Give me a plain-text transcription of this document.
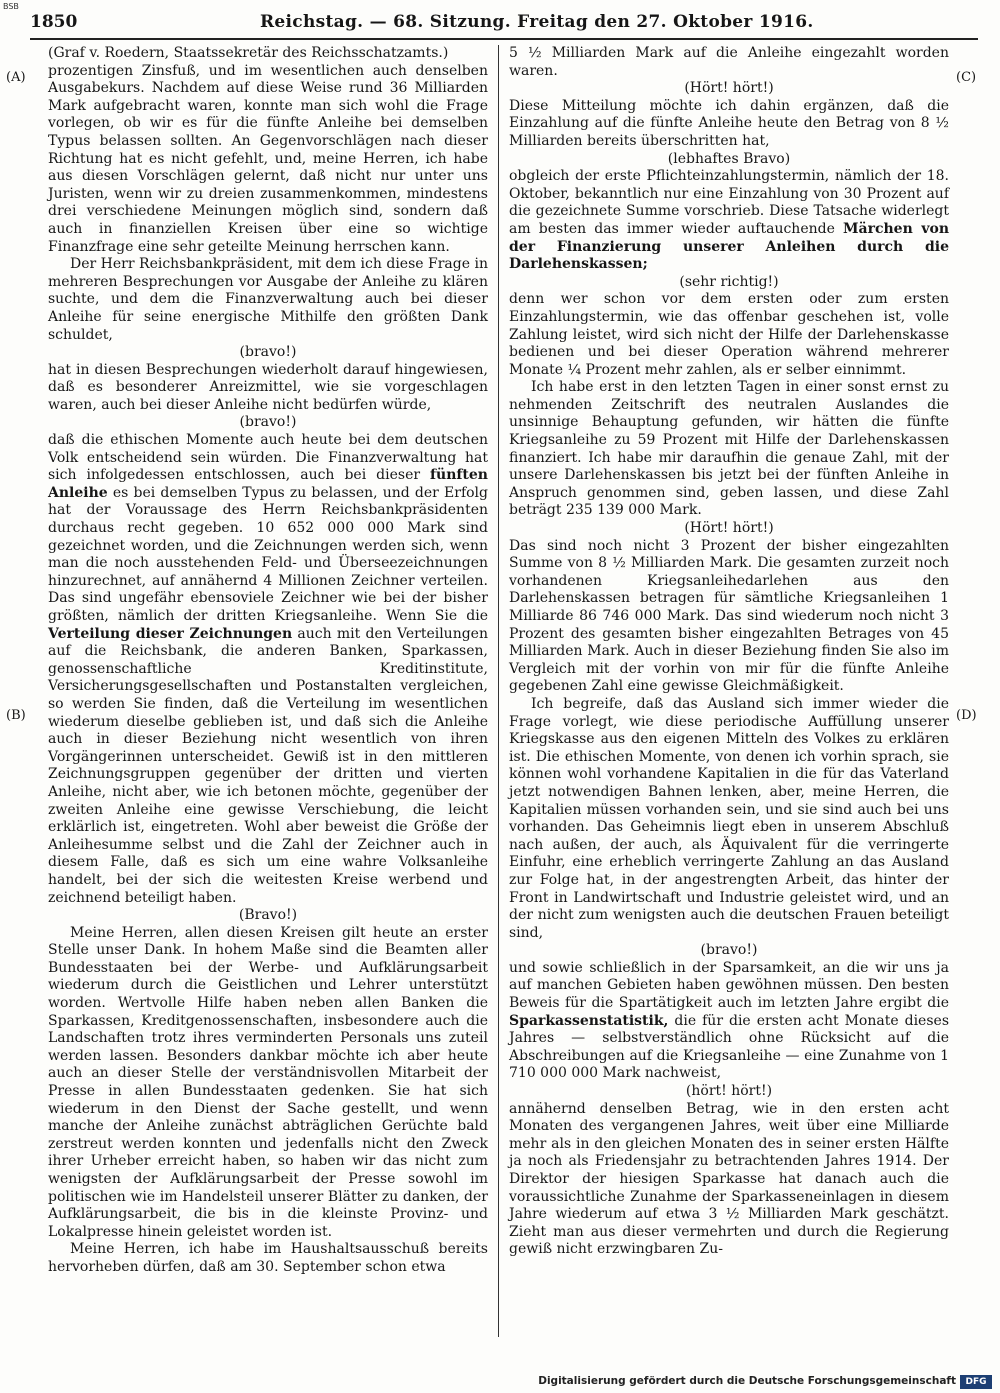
BSB
1850	Reichstag. — 68. Sitzung. Freitag den 27. Oktober 1916.
(A)
(B)
(C)
(D)

(Graf v. Roedern, Staatssekretär des Reichsschatzamts.)

prozentigen Zinsfuß, und im wesentlichen auch denselben Ausgabekurs. Nachdem auf diese Weise rund 36 Milliarden Mark aufgebracht waren, konnte man sich wohl die Frage vorlegen, ob wir es für die fünfte Anleihe bei demselben Typus belassen sollten. An Gegenvorschlägen nach dieser Richtung hat es nicht gefehlt, und, meine Herren, ich habe aus diesen Vorschlägen gelernt, daß nicht nur unter uns Juristen, wenn wir zu dreien zusammenkommen, mindestens drei verschiedene Meinungen möglich sind, sondern daß auch in finanziellen Kreisen über eine so wichtige Finanzfrage eine sehr geteilte Meinung herrschen kann.

Der Herr Reichsbankpräsident, mit dem ich diese Frage in mehreren Besprechungen vor Ausgabe der Anleihe zu klären suchte, und dem die Finanzverwaltung auch bei dieser Anleihe für seine energische Mithilfe den größten Dank schuldet,

(bravo!)

hat in diesen Besprechungen wiederholt darauf hingewiesen, daß es besonderer Anreizmittel, wie sie vorgeschlagen waren, auch bei dieser Anleihe nicht bedürfen würde,

(bravo!)

daß die ethischen Momente auch heute bei dem deutschen Volk entscheidend sein würden. Die Finanzverwaltung hat sich infolgedessen entschlossen, auch bei dieser fünften Anleihe es bei demselben Typus zu belassen, und der Erfolg hat der Voraussage des Herrn Reichsbankpräsidenten durchaus recht gegeben. 10 652 000 000 Mark sind gezeichnet worden, und die Zeichnungen werden sich, wenn man die noch ausstehenden Feld- und Überseezeichnungen hinzurechnet, auf annähernd 4 Millionen Zeichner verteilen. Das sind ungefähr ebensoviele Zeichner wie bei der bisher größten, nämlich der dritten Kriegsanleihe. Wenn Sie die Verteilung dieser Zeichnungen auch mit den Verteilungen auf die Reichsbank, die anderen Banken, Sparkassen, genossenschaftliche Kreditinstitute, Versicherungsgesellschaften und Postanstalten vergleichen, so werden Sie finden, daß die Verteilung im wesentlichen wiederum dieselbe geblieben ist, und daß sich die Anleihe auch in dieser Beziehung nicht wesentlich von ihren Vorgängerinnen unterscheidet. Gewiß ist in den mittleren Zeichnungsgruppen gegenüber der dritten und vierten Anleihe, nicht aber, wie ich betonen möchte, gegenüber der zweiten Anleihe eine gewisse Verschiebung, die leicht erklärlich ist, eingetreten. Wohl aber beweist die Größe der Anleihesumme selbst und die Zahl der Zeichner auch in diesem Falle, daß es sich um eine wahre Volksanleihe handelt, bei der sich die weitesten Kreise werbend und zeichnend beteiligt haben.

(Bravo!)

Meine Herren, allen diesen Kreisen gilt heute an erster Stelle unser Dank. In hohem Maße sind die Beamten aller Bundesstaaten bei der Werbe- und Aufklärungsarbeit wiederum durch die Geistlichen und Lehrer unterstützt worden. Wertvolle Hilfe haben neben allen Banken die Sparkassen, Kreditgenossenschaften, insbesondere auch die Landschaften trotz ihres verminderten Personals uns zuteil werden lassen. Besonders dankbar möchte ich aber heute auch an dieser Stelle der verständnisvollen Mitarbeit der Presse in allen Bundesstaaten gedenken. Sie hat sich wiederum in den Dienst der Sache gestellt, und wenn manche der Anleihe zunächst abträglichen Gerüchte bald zerstreut werden konnten und jedenfalls nicht den Zweck ihrer Urheber erreicht haben, so haben wir das nicht zum wenigsten der Aufklärungsarbeit der Presse sowohl im politischen wie im Handelsteil unserer Blätter zu danken, der Aufklärungsarbeit, die bis in die kleinste Provinz- und Lokalpresse hinein geleistet worden ist.

Meine Herren, ich habe im Haushaltsausschuß bereits hervorheben dürfen, daß am 30. September schon etwa

5 ½ Milliarden Mark auf die Anleihe eingezahlt worden waren.

(Hört! hört!)

Diese Mitteilung möchte ich dahin ergänzen, daß die Einzahlung auf die fünfte Anleihe heute den Betrag von 8 ½ Milliarden bereits überschritten hat,

(lebhaftes Bravo)

obgleich der erste Pflichteinzahlungstermin, nämlich der 18. Oktober, bekanntlich nur eine Einzahlung von 30 Prozent auf die gezeichnete Summe vorschrieb. Diese Tatsache widerlegt am besten das immer wieder auftauchende Märchen von der Finanzierung unserer Anleihen durch die Darlehenskassen;

(sehr richtig!)

denn wer schon vor dem ersten oder zum ersten Einzahlungstermin, wie das offenbar geschehen ist, volle Zahlung leistet, wird sich nicht der Hilfe der Darlehenskasse bedienen und bei dieser Operation während mehrerer Monate ¼ Prozent mehr zahlen, als er selber einnimmt.

Ich habe erst in den letzten Tagen in einer sonst ernst zu nehmenden Zeitschrift des neutralen Auslandes die unsinnige Behauptung gefunden, wir hätten die fünfte Kriegsanleihe zu 59 Prozent mit Hilfe der Darlehenskassen finanziert. Ich habe mir daraufhin die genaue Zahl, mit der unsere Darlehenskassen bis jetzt bei der fünften Anleihe in Anspruch genommen sind, geben lassen, und diese Zahl beträgt 235 139 000 Mark.

(Hört! hört!)

Das sind noch nicht 3 Prozent der bisher eingezahlten Summe von 8 ½ Milliarden Mark. Die gesamten zurzeit noch vorhandenen Kriegsanleihedarlehen aus den Darlehenskassen betragen für sämtliche Kriegsanleihen 1 Milliarde 86 746 000 Mark. Das sind wiederum noch nicht 3 Prozent des gesamten bisher eingezahlten Betrages von 45 Milliarden Mark. Auch in dieser Beziehung finden Sie also im Vergleich mit der vorhin von mir für die fünfte Anleihe gegebenen Zahl eine gewisse Gleichmäßigkeit.

Ich begreife, daß das Ausland sich immer wieder die Frage vorlegt, wie diese periodische Auffüllung unserer Kriegskasse aus den eigenen Mitteln des Volkes zu erklären ist. Die ethischen Momente, von denen ich vorhin sprach, sie können wohl vorhandene Kapitalien in die für das Vaterland jetzt notwendigen Bahnen lenken, aber, meine Herren, die Kapitalien müssen vorhanden sein, und sie sind auch bei uns vorhanden. Das Geheimnis liegt eben in unserem Abschluß nach außen, der auch, als Äquivalent für die verringerte Einfuhr, eine erheblich verringerte Zahlung an das Ausland zur Folge hat, in der angestrengten Arbeit, das hinter der Front in Landwirtschaft und Industrie geleistet wird, und an der nicht zum wenigsten auch die deutschen Frauen beteiligt sind,

(bravo!)

und sowie schließlich in der Sparsamkeit, an die wir uns ja auf manchen Gebieten haben gewöhnen müssen. Den besten Beweis für die Spartätigkeit auch im letzten Jahre ergibt die Sparkassenstatistik, die für die ersten acht Monate dieses Jahres — selbstverständlich ohne Rücksicht auf die Abschreibungen auf die Kriegsanleihe — eine Zunahme von 1 710 000 000 Mark nachweist,

(hört! hört!)

annähernd denselben Betrag, wie in den ersten acht Monaten des vergangenen Jahres, weit über eine Milliarde mehr als in den gleichen Monaten des in seiner ersten Hälfte ja noch als Friedensjahr zu betrachtenden Jahres 1914. Der Direktor der hiesigen Sparkasse hat danach auch die voraussichtliche Zunahme der Sparkasseneinlagen in diesem Jahre wiederum auf etwa 3 ½ Milliarden Mark geschätzt. Zieht man aus dieser vermehrten und durch die Regierung gewiß nicht erzwingbaren Zu-

Digitalisierung gefördert durch die Deutsche Forschungsgemeinschaft	DFG
